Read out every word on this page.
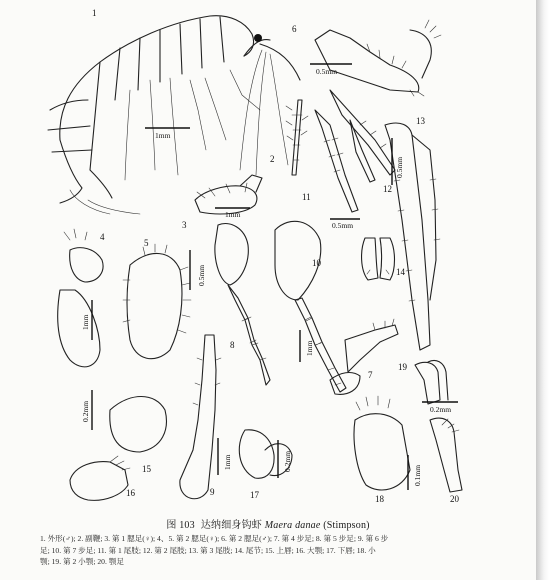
1
2
3
4
5
6
7
8
9
10
11
12
13
14
15
16	17	18
19
20
1mm
0.5mm
1mm
0.5mm
0.5mm
1mm
0.5mm
1mm
0.2mm
1mm	0.2mm
0.2mm
0.1mm
图 103 达纳细身钩虾 Maera danae (Stimpson)
1. 外形(♂); 2. 副鞭; 3. 第 1 腮足(♀); 4、5. 第 2 腮足(♀); 6. 第 2 腮足(♂); 7. 第 4 步足; 8. 第 5 步足; 9. 第 6 步
足; 10. 第 7 步足; 11. 第 1 尾肢; 12. 第 2 尾肢; 13. 第 3 尾肢; 14. 尾节; 15. 上唇; 16. 大颚; 17. 下唇; 18. 小
颚; 19. 第 2 小颚; 20. 颚足
